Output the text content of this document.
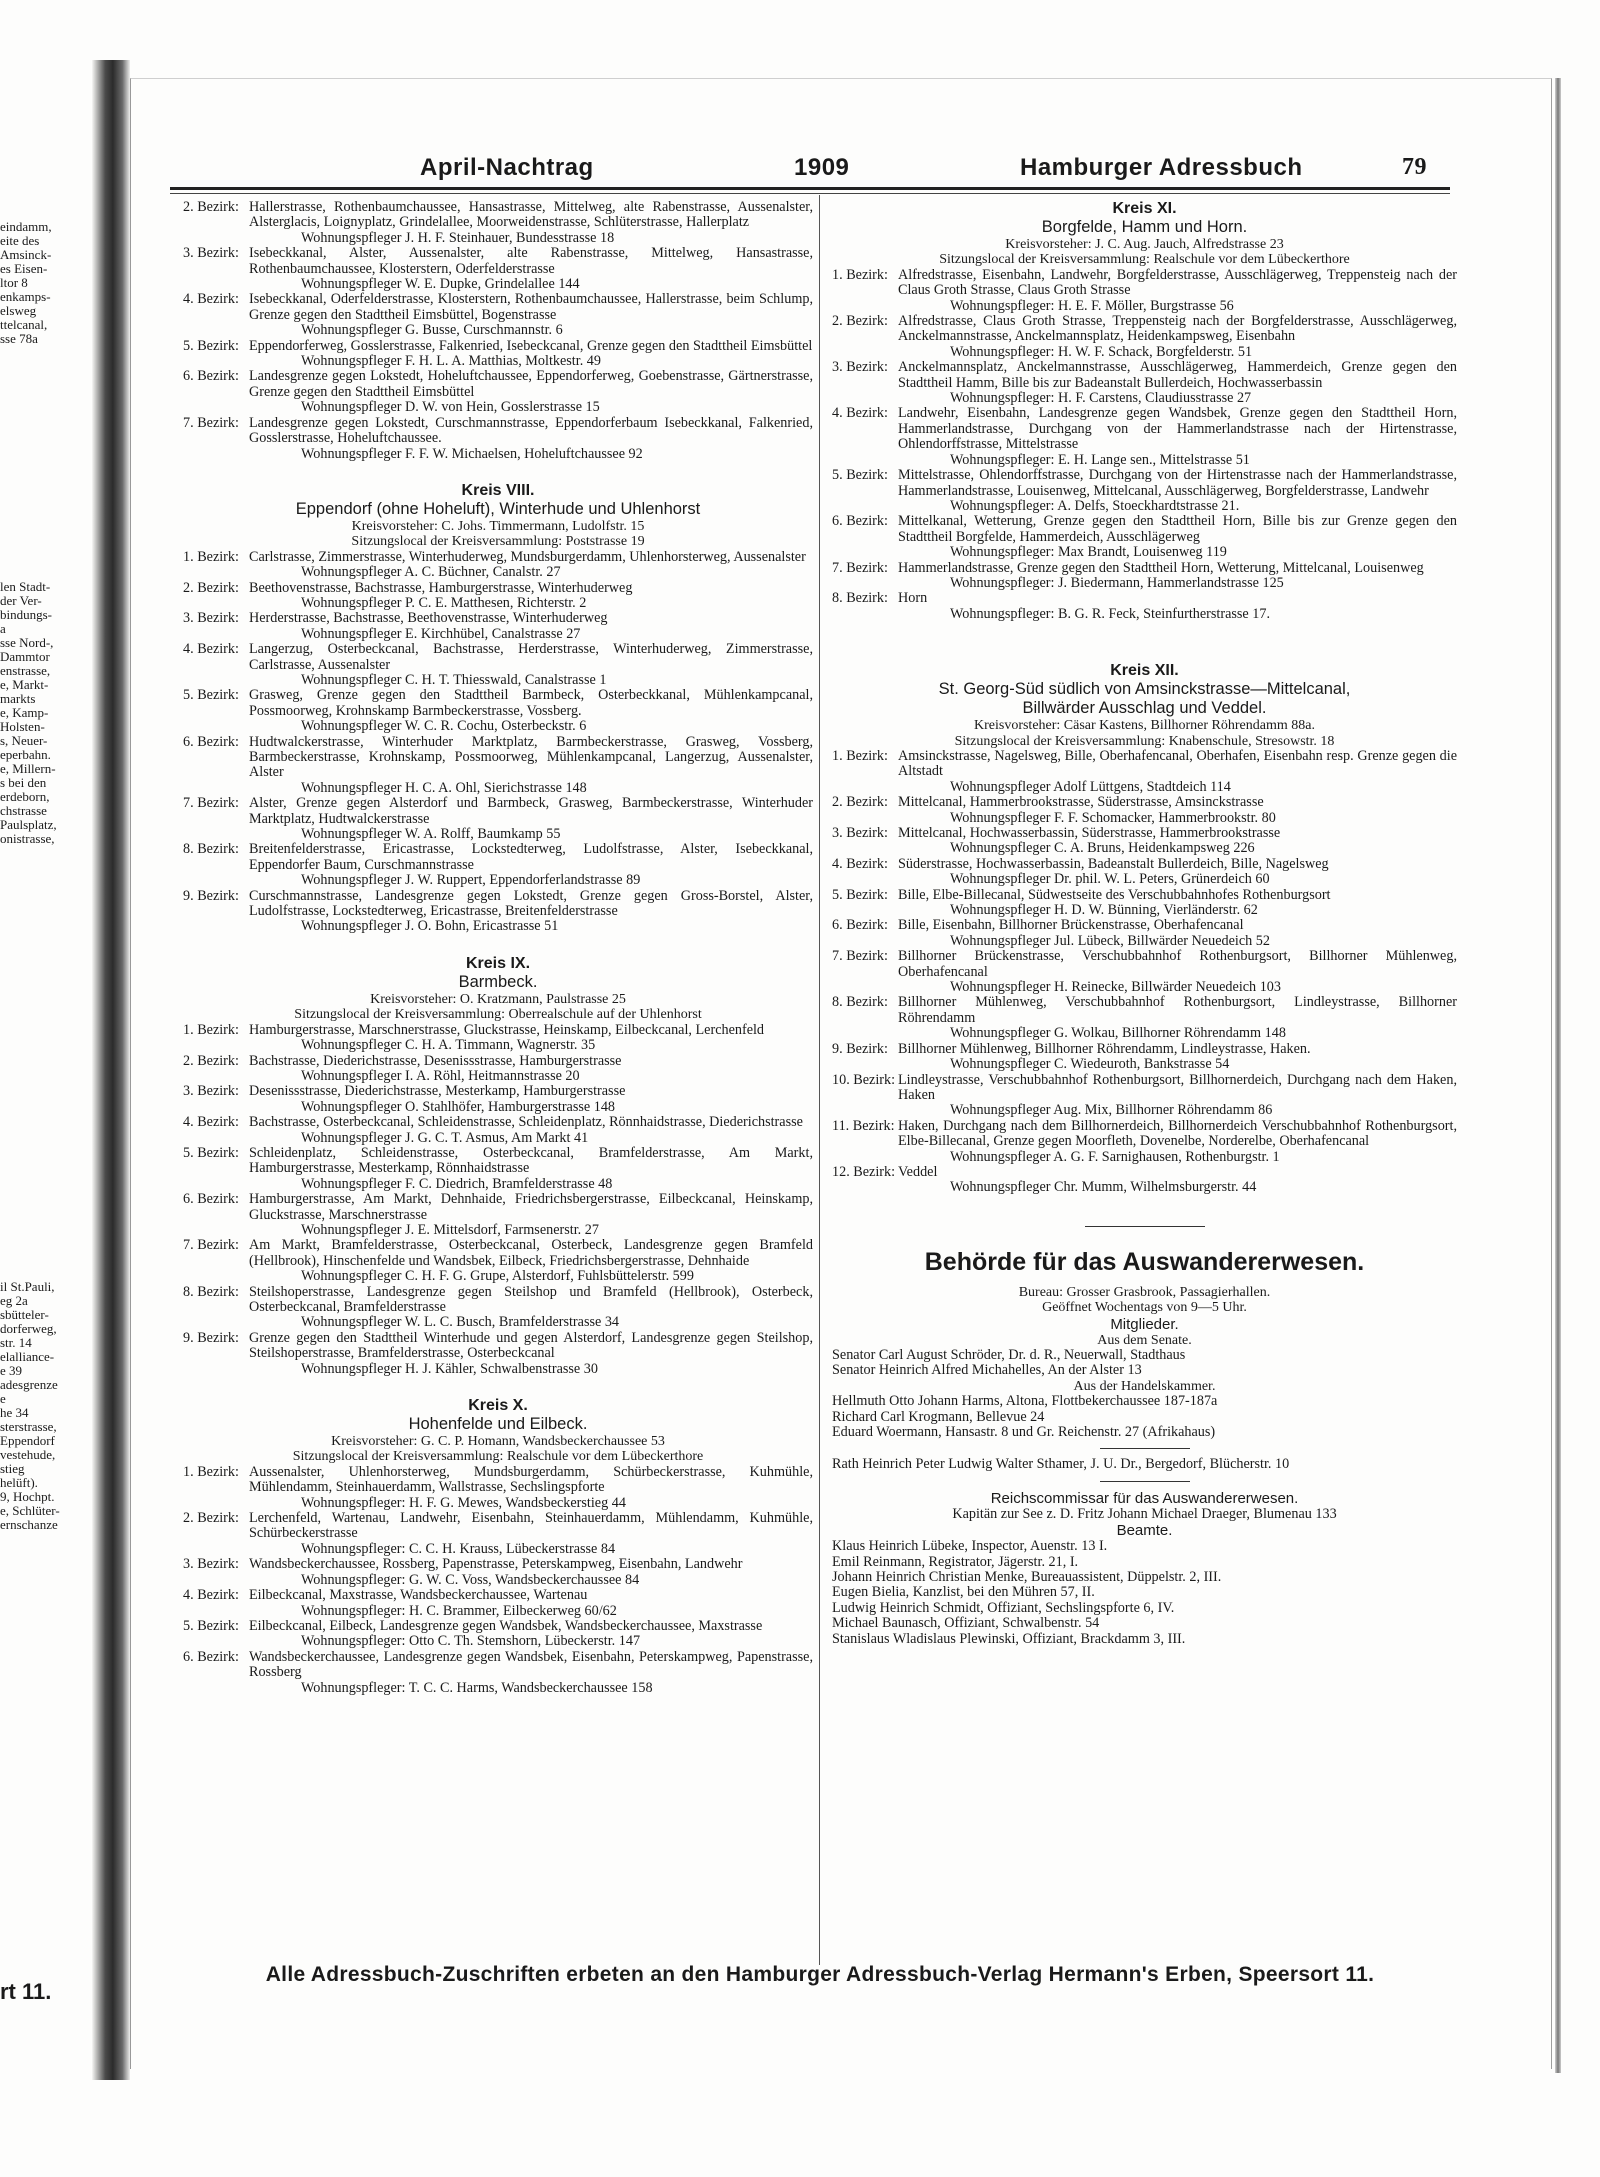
eindamm,
eite des
Amsinck-
es Eisen-
ltor 8
enkamps-
elsweg
ttelcanal,
sse 78a
len Stadt-
der Ver-
bindungs-
a
sse Nord-,
Dammtor
enstrasse,
e, Markt-
markts
e, Kamp-
Holsten-
s, Neuer-
eperbahn.
e, Millern-
s bei den
erdeborn,
chstrasse
Paulsplatz,
onistrasse,
il St.Pauli,
eg 2a
sbütteler-
dorferweg,
str. 14
elalliance-
e 39
adesgrenze
e
he 34
sterstrasse,
Eppendorf
vestehude,
stieg
helüft).
9, Hochpt.
e, Schlüter-
ernschanze
rt 11.
April-Nachtrag	1909	Hamburger Adressbuch	79
2. Bezirk: Hallerstrasse, Rothenbaumchaussee, Hansastrasse, Mittelweg, alte Rabenstrasse, Aussenalster, Alsterglacis, Loignyplatz, Grindelallee, Moorweidenstrasse, Schlüterstrasse, Hallerplatz
Wohnungspfleger J. H. F. Steinhauer, Bundesstrasse 18
3. Bezirk: Isebeckkanal, Alster, Aussenalster, alte Rabenstrasse, Mittelweg, Hansastrasse, Rothenbaumchaussee, Klosterstern, Oderfelderstrasse
Wohnungspfleger W. E. Dupke, Grindelallee 144
4. Bezirk: Isebeckkanal, Oderfelderstrasse, Klosterstern, Rothenbaumchaussee, Hallerstrasse, beim Schlump, Grenze gegen den Stadttheil Eimsbüttel, Bogenstrasse
Wohnungspfleger G. Busse, Curschmannstr. 6
5. Bezirk: Eppendorferweg, Gosslerstrasse, Falkenried, Isebeckcanal, Grenze gegen den Stadttheil Eimsbüttel
Wohnungspfleger F. H. L. A. Matthias, Moltkestr. 49
6. Bezirk: Landesgrenze gegen Lokstedt, Hoheluftchaussee, Eppendorferweg, Goebenstrasse, Gärtnerstrasse, Grenze gegen den Stadttheil Eimsbüttel
Wohnungspfleger D. W. von Hein, Gosslerstrasse 15
7. Bezirk: Landesgrenze gegen Lokstedt, Curschmannstrasse, Eppendorferbaum Isebeckkanal, Falkenried, Gosslerstrasse, Hoheluftchaussee.
Wohnungspfleger F. F. W. Michaelsen, Hoheluftchaussee 92
Kreis VIII.
Eppendorf (ohne Hoheluft), Winterhude und Uhlenhorst
Kreisvorsteher: C. Johs. Timmermann, Ludolfstr. 15
Sitzungslocal der Kreisversammlung: Poststrasse 19
1. Bezirk: Carlstrasse, Zimmerstrasse, Winterhuderweg, Mundsburgerdamm, Uhlenhorsterweg, Aussenalster
Wohnungspfleger A. C. Büchner, Canalstr. 27
2. Bezirk: Beethovenstrasse, Bachstrasse, Hamburgerstrasse, Winterhuderweg
Wohnungspfleger P. C. E. Matthesen, Richterstr. 2
3. Bezirk: Herderstrasse, Bachstrasse, Beethovenstrasse, Winterhuderweg
Wohnungspfleger E. Kirchhübel, Canalstrasse 27
4. Bezirk: Langerzug, Osterbeckcanal, Bachstrasse, Herderstrasse, Winterhuderweg, Zimmerstrasse, Carlstrasse, Aussenalster
Wohnungspfleger C. H. T. Thiesswald, Canalstrasse 1
5. Bezirk: Grasweg, Grenze gegen den Stadttheil Barmbeck, Osterbeckkanal, Mühlenkampcanal, Possmoorweg, Krohnskamp Barmbeckerstrasse, Vossberg.
Wohnungspfleger W. C. R. Cochu, Osterbeckstr. 6
6. Bezirk: Hudtwalckerstrasse, Winterhuder Marktplatz, Barmbeckerstrasse, Grasweg, Vossberg, Barmbeckerstrasse, Krohnskamp, Possmoorweg, Mühlenkampcanal, Langerzug, Aussenalster, Alster
Wohnungspfleger H. C. A. Ohl, Sierichstrasse 148
7. Bezirk: Alster, Grenze gegen Alsterdorf und Barmbeck, Grasweg, Barmbeckerstrasse, Winterhuder Marktplatz, Hudtwalckerstrasse
Wohnungspfleger W. A. Rolff, Baumkamp 55
8. Bezirk: Breitenfelderstrasse, Ericastrasse, Lockstedterweg, Ludolfstrasse, Alster, Isebeckkanal, Eppendorfer Baum, Curschmannstrasse
Wohnungspfleger J. W. Ruppert, Eppendorferlandstrasse 89
9. Bezirk: Curschmannstrasse, Landesgrenze gegen Lokstedt, Grenze gegen Gross-Borstel, Alster, Ludolfstrasse, Lockstedterweg, Ericastrasse, Breitenfelderstrasse
Wohnungspfleger J. O. Bohn, Ericastrasse 51
Kreis IX.
Barmbeck.
Kreisvorsteher: O. Kratzmann, Paulstrasse 25
Sitzungslocal der Kreisversammlung: Oberrealschule auf der Uhlenhorst
1. Bezirk: Hamburgerstrasse, Marschnerstrasse, Gluckstrasse, Heinskamp, Eilbeckcanal, Lerchenfeld
Wohnungspfleger C. H. A. Timmann, Wagnerstr. 35
2. Bezirk: Bachstrasse, Diederichstrasse, Desenissstrasse, Hamburgerstrasse
Wohnungspfleger I. A. Röhl, Heitmannstrasse 20
3. Bezirk: Desenissstrasse, Diederichstrasse, Mesterkamp, Hamburgerstrasse
Wohnungspfleger O. Stahlhöfer, Hamburgerstrasse 148
4. Bezirk: Bachstrasse, Osterbeckcanal, Schleidenstrasse, Schleidenplatz, Rönnhaidstrasse, Diederichstrasse
Wohnungspfleger J. G. C. T. Asmus, Am Markt 41
5. Bezirk: Schleidenplatz, Schleidenstrasse, Osterbeckcanal, Bramfelderstrasse, Am Markt, Hamburgerstrasse, Mesterkamp, Rönnhaidstrasse
Wohnungspfleger F. C. Diedrich, Bramfelderstrasse 48
6. Bezirk: Hamburgerstrasse, Am Markt, Dehnhaide, Friedrichsbergerstrasse, Eilbeckcanal, Heinskamp, Gluckstrasse, Marschnerstrasse
Wohnungspfleger J. E. Mittelsdorf, Farmsenerstr. 27
7. Bezirk: Am Markt, Bramfelderstrasse, Osterbeckcanal, Osterbeck, Landesgrenze gegen Bramfeld (Hellbrook), Hinschenfelde und Wandsbek, Eilbeck, Friedrichsbergerstrasse, Dehnhaide
Wohnungspfleger C. H. F. G. Grupe, Alsterdorf, Fuhlsbüttelerstr. 599
8. Bezirk: Steilshoperstrasse, Landesgrenze gegen Steilshop und Bramfeld (Hellbrook), Osterbeck, Osterbeckcanal, Bramfelderstrasse
Wohnungspfleger W. L. C. Busch, Bramfelderstrasse 34
9. Bezirk: Grenze gegen den Stadttheil Winterhude und gegen Alsterdorf, Landesgrenze gegen Steilshop, Steilshoperstrasse, Bramfelderstrasse, Osterbeckcanal
Wohnungspfleger H. J. Kähler, Schwalbenstrasse 30
Kreis X.
Hohenfelde und Eilbeck.
Kreisvorsteher: G. C. P. Homann, Wandsbeckerchaussee 53
Sitzungslocal der Kreisversammlung: Realschule vor dem Lübeckerthore
1. Bezirk: Aussenalster, Uhlenhorsterweg, Mundsburgerdamm, Schürbeckerstrasse, Kuhmühle, Mühlendamm, Steinhauerdamm, Wallstrasse, Sechslingspforte
Wohnungspfleger: H. F. G. Mewes, Wandsbeckerstieg 44
2. Bezirk: Lerchenfeld, Wartenau, Landwehr, Eisenbahn, Steinhauerdamm, Mühlendamm, Kuhmühle, Schürbeckerstrasse
Wohnungspfleger: C. C. H. Krauss, Lübeckerstrasse 84
3. Bezirk: Wandsbeckerchaussee, Rossberg, Papenstrasse, Peterskampweg, Eisenbahn, Landwehr
Wohnungspfleger: G. W. C. Voss, Wandsbeckerchaussee 84
4. Bezirk: Eilbeckcanal, Maxstrasse, Wandsbeckerchaussee, Wartenau
Wohnungspfleger: H. C. Brammer, Eilbeckerweg 60/62
5. Bezirk: Eilbeckcanal, Eilbeck, Landesgrenze gegen Wandsbek, Wandsbeckerchaussee, Maxstrasse
Wohnungspfleger: Otto C. Th. Stemshorn, Lübeckerstr. 147
6. Bezirk: Wandsbeckerchaussee, Landesgrenze gegen Wandsbek, Eisenbahn, Peterskampweg, Papenstrasse, Rossberg
Wohnungspfleger: T. C. C. Harms, Wandsbeckerchaussee 158
Kreis XI.
Borgfelde, Hamm und Horn.
Kreisvorsteher: J. C. Aug. Jauch, Alfredstrasse 23
Sitzungslocal der Kreisversammlung: Realschule vor dem Lübeckerthore
1. Bezirk: Alfredstrasse, Eisenbahn, Landwehr, Borgfelderstrasse, Ausschlägerweg, Treppensteig nach der Claus Groth Strasse, Claus Groth Strasse
Wohnungspfleger: H. E. F. Möller, Burgstrasse 56
2. Bezirk: Alfredstrasse, Claus Groth Strasse, Treppensteig nach der Borgfelderstrasse, Ausschlägerweg, Anckelmannstrasse, Anckelmannsplatz, Heidenkampsweg, Eisenbahn
Wohnungspfleger: H. W. F. Schack, Borgfelderstr. 51
3. Bezirk: Anckelmannsplatz, Anckelmannstrasse, Ausschlägerweg, Hammerdeich, Grenze gegen den Stadttheil Hamm, Bille bis zur Badeanstalt Bullerdeich, Hochwasserbassin
Wohnungspfleger: H. F. Carstens, Claudiusstrasse 27
4. Bezirk: Landwehr, Eisenbahn, Landesgrenze gegen Wandsbek, Grenze gegen den Stadttheil Horn, Hammerlandstrasse, Durchgang von der Hammerlandstrasse nach der Hirtenstrasse, Ohlendorffstrasse, Mittelstrasse
Wohnungspfleger: E. H. Lange sen., Mittelstrasse 51
5. Bezirk: Mittelstrasse, Ohlendorffstrasse, Durchgang von der Hirtenstrasse nach der Hammerlandstrasse, Hammerlandstrasse, Louisenweg, Mittelcanal, Ausschlägerweg, Borgfelderstrasse, Landwehr
Wohnungspfleger: A. Delfs, Stoeckhardtstrasse 21.
6. Bezirk: Mittelkanal, Wetterung, Grenze gegen den Stadttheil Horn, Bille bis zur Grenze gegen den Stadttheil Borgfelde, Hammerdeich, Ausschlägerweg
Wohnungspfleger: Max Brandt, Louisenweg 119
7. Bezirk: Hammerlandstrasse, Grenze gegen den Stadttheil Horn, Wetterung, Mittelcanal, Louisenweg
Wohnungspfleger: J. Biedermann, Hammerlandstrasse 125
8. Bezirk: Horn
Wohnungspfleger: B. G. R. Feck, Steinfurtherstrasse 17.
Kreis XII.
St. Georg-Süd südlich von Amsinckstrasse—Mittelcanal,
Billwärder Ausschlag und Veddel.
Kreisvorsteher: Cäsar Kastens, Billhorner Röhrendamm 88a.
Sitzungslocal der Kreisversammlung: Knabenschule, Stresowstr. 18
1. Bezirk: Amsinckstrasse, Nagelsweg, Bille, Oberhafencanal, Oberhafen, Eisenbahn resp. Grenze gegen die Altstadt
Wohnungspfleger Adolf Lüttgens, Stadtdeich 114
2. Bezirk: Mittelcanal, Hammerbrookstrasse, Süderstrasse, Amsinckstrasse
Wohnungspfleger F. F. Schomacker, Hammerbrookstr. 80
3. Bezirk: Mittelcanal, Hochwasserbassin, Süderstrasse, Hammerbrookstrasse
Wohnungspfleger C. A. Bruns, Heidenkampsweg 226
4. Bezirk: Süderstrasse, Hochwasserbassin, Badeanstalt Bullerdeich, Bille, Nagelsweg
Wohnungspfleger Dr. phil. W. L. Peters, Grünerdeich 60
5. Bezirk: Bille, Elbe-Billecanal, Südwestseite des Verschubbahnhofes Rothenburgsort
Wohnungspfleger H. D. W. Bünning, Vierländerstr. 62
6. Bezirk: Bille, Eisenbahn, Billhorner Brückenstrasse, Oberhafencanal
Wohnungspfleger Jul. Lübeck, Billwärder Neuedeich 52
7. Bezirk: Billhorner Brückenstrasse, Verschubbahnhof Rothenburgsort, Billhorner Mühlenweg, Oberhafencanal
Wohnungspfleger H. Reinecke, Billwärder Neuedeich 103
8. Bezirk: Billhorner Mühlenweg, Verschubbahnhof Rothenburgsort, Lindleystrasse, Billhorner Röhrendamm
Wohnungspfleger G. Wolkau, Billhorner Röhrendamm 148
9. Bezirk: Billhorner Mühlenweg, Billhorner Röhrendamm, Lindleystrasse, Haken.
Wohnungspfleger C. Wiedeuroth, Bankstrasse 54
10. Bezirk: Lindleystrasse, Verschubbahnhof Rothenburgsort, Billhornerdeich, Durchgang nach dem Haken, Haken
Wohnungspfleger Aug. Mix, Billhorner Röhrendamm 86
11. Bezirk: Haken, Durchgang nach dem Billhornerdeich, Billhornerdeich Verschubbahnhof Rothenburgsort, Elbe-Billecanal, Grenze gegen Moorfleth, Dovenelbe, Norderelbe, Oberhafencanal
Wohnungspfleger A. G. F. Sarnighausen, Rothenburgstr. 1
12. Bezirk: Veddel
Wohnungspfleger Chr. Mumm, Wilhelmsburgerstr. 44
Behörde für das Auswandererwesen.
Bureau: Grosser Grasbrook, Passagierhallen.
Geöffnet Wochentags von 9—5 Uhr.
Mitglieder.
Aus dem Senate.
Senator Carl August Schröder, Dr. d. R., Neuerwall, Stadthaus
Senator Heinrich Alfred Michahelles, An der Alster 13
Aus der Handelskammer.
Hellmuth Otto Johann Harms, Altona, Flottbekerchaussee 187-187a
Richard Carl Krogmann, Bellevue 24
Eduard Woermann, Hansastr. 8 und Gr. Reichenstr. 27 (Afrikahaus)
Rath Heinrich Peter Ludwig Walter Sthamer, J. U. Dr., Bergedorf, Blücherstr. 10
Reichscommissar für das Auswandererwesen.
Kapitän zur See z. D. Fritz Johann Michael Draeger, Blumenau 133
Beamte.
Klaus Heinrich Lübeke, Inspector, Auenstr. 13 I.
Emil Reinmann, Registrator, Jägerstr. 21, I.
Johann Heinrich Christian Menke, Bureauassistent, Düppelstr. 2, III.
Eugen Bielia, Kanzlist, bei den Mühren 57, II.
Ludwig Heinrich Schmidt, Offiziant, Sechslingspforte 6, IV.
Michael Baunasch, Offiziant, Schwalbenstr. 54
Stanislaus Wladislaus Plewinski, Offiziant, Brackdamm 3, III.
Alle Adressbuch-Zuschriften erbeten an den Hamburger Adressbuch-Verlag Hermann's Erben, Speersort 11.
